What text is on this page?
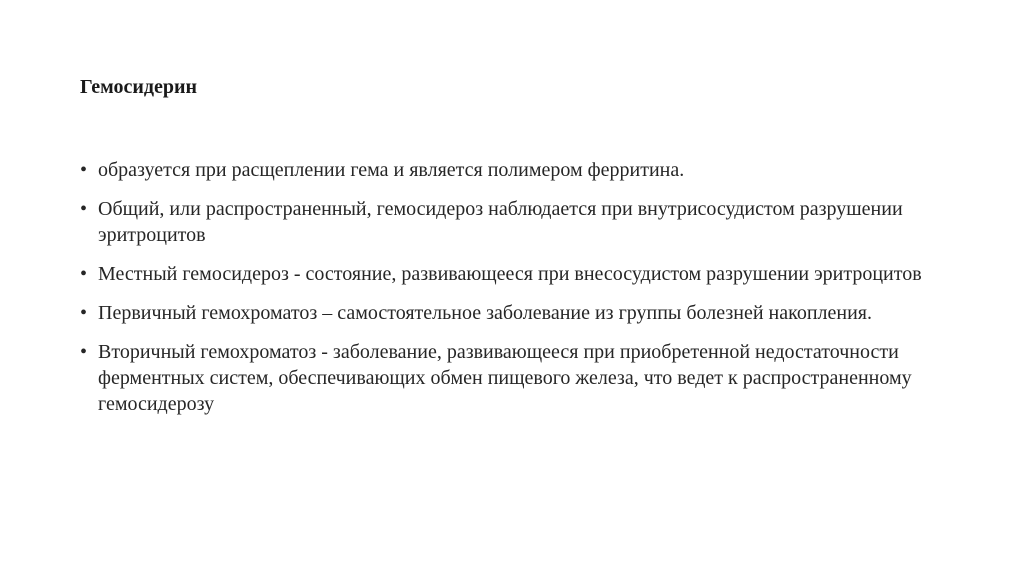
Гемосидерин
• образуется при расщеплении гема и является полимером ферритина.
• Общий, или распространенный, гемосидероз наблюдается при внутрисосудистом разрушении эритроцитов
• Местный гемосидероз - состояние, развивающееся при внесосудистом разрушении эритроцитов
• Первичный гемохроматоз – самостоятельное заболевание из группы болезней накопления.
• Вторичный гемохроматоз - заболевание, развивающееся при приобретенной недостаточности ферментных систем, обеспечивающих обмен пищевого железа, что ведет к распространенному гемосидерозу
